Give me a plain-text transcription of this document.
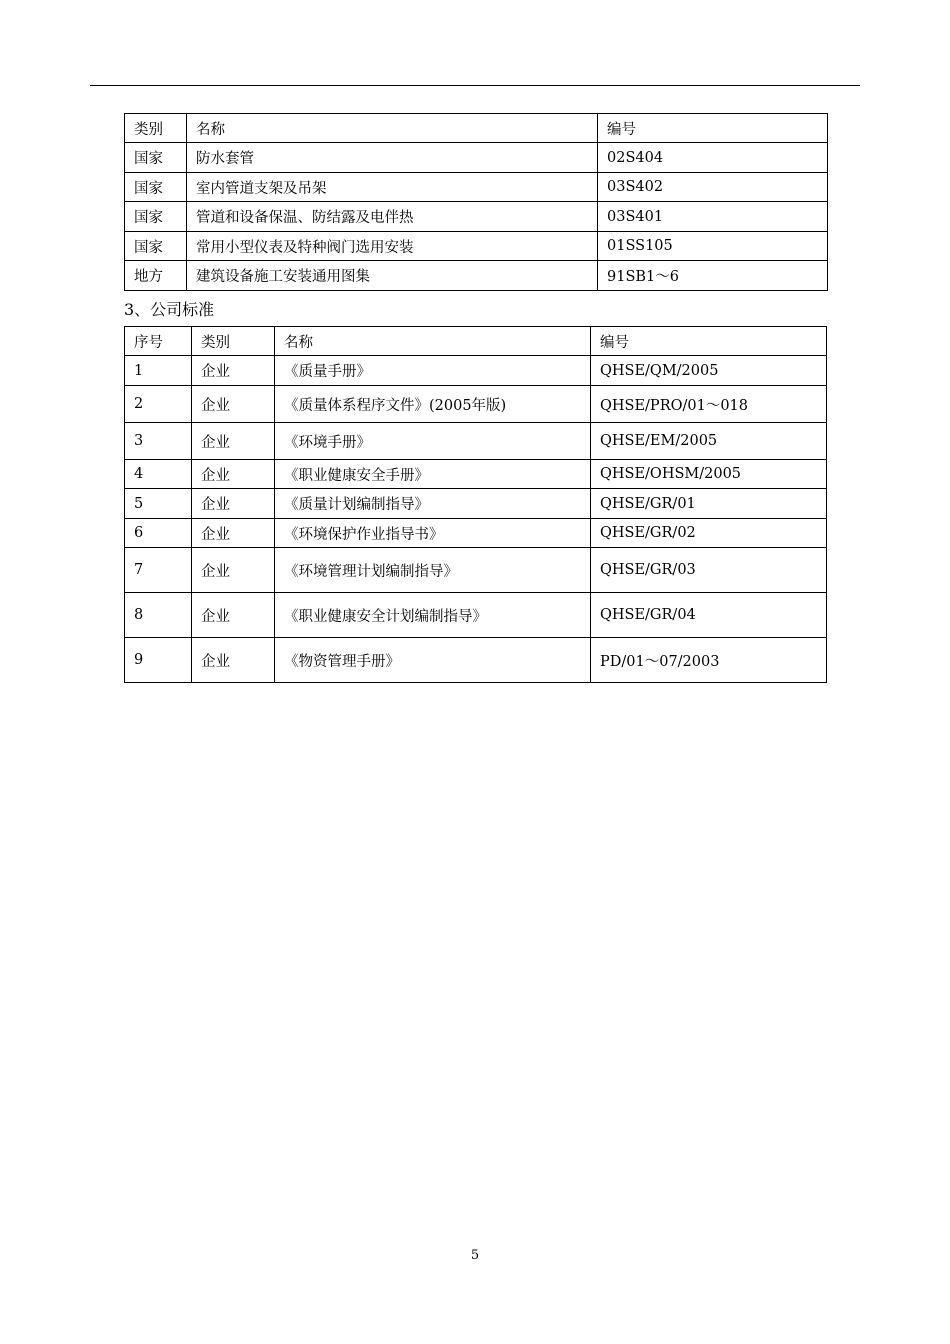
类别	名称	编号
国家	防水套管	02S404
国家	室内管道支架及吊架	03S402
国家	管道和设备保温、防结露及电伴热	03S401
国家	常用小型仪表及特种阀门选用安装	01SS105
地方	建筑设备施工安装通用图集	91SB1～6
3、公司标准
序号	类别	名称	编号
1	企业	《质量手册》	QHSE/QM/2005
2	企业	《质量体系程序文件》(2005年版)	QHSE/PRO/01～018
3	企业	《环境手册》	QHSE/EM/2005
4	企业	《职业健康安全手册》	QHSE/OHSM/2005
5	企业	《质量计划编制指导》	QHSE/GR/01
6	企业	《环境保护作业指导书》	QHSE/GR/02
7	企业	《环境管理计划编制指导》	QHSE/GR/03
8	企业	《职业健康安全计划编制指导》	QHSE/GR/04
9	企业	《物资管理手册》	PD/01～07/2003
5
